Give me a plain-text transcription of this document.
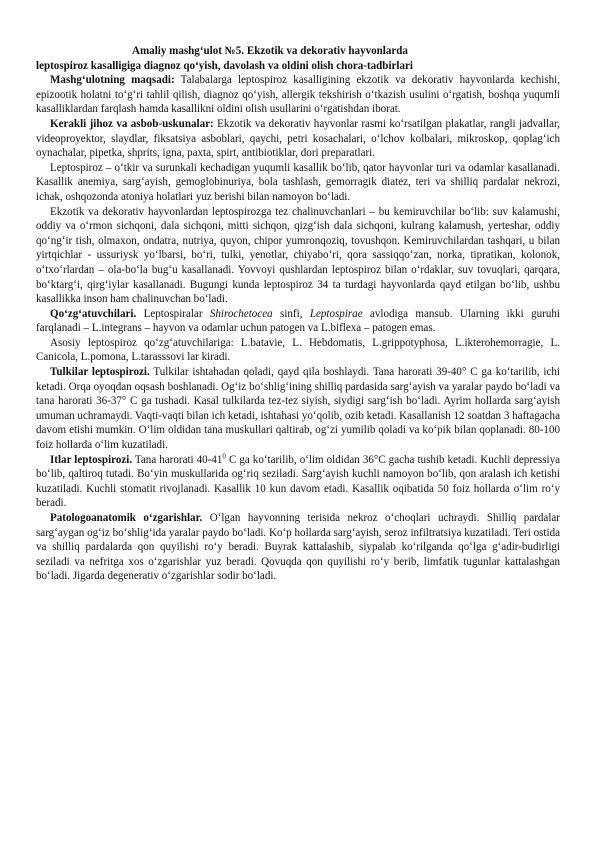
Amaliy mashg‘ulot №5. Ekzotik va dekorativ hayvonlarda
leptospiroz kasalligiga diagnoz qo‘yish, davolash va oldini olish chora-tadbirlari

Mashg‘ulotning maqsadi: Talabalarga leptospiroz kasalligining ekzotik va dekorativ hayvonlarda kechishi, epizootik holatni to‘g‘ri tahlil qilish, diagnoz qo‘yish, allergik tekshirish o‘tkazish usulini o‘rgatish, boshqa yuqumli kasalliklardan farqlash hamda kasallikni oldini olish usullarini o‘rgatishdan iborat.

Kerakli jihoz va asbob-uskunalar: Ekzotik va dekorativ hayvonlar rasmi ko‘rsatilgan plakatlar, rangli jadvallar, videoproyektor, slaydlar, fiksatsiya asboblari, qaychi, petri kosachalari, o‘lchov kolbalari, mikroskop, qoplag‘ich oynachalar, pipetka, shprits, igna, paxta, spirt, antibiotiklar, dori preparatlari.

Leptospiroz – o‘tkir va surunkali kechadigan yuqumli kasallik bo‘lib, qator hayvonlar turi va odamlar kasallanadi. Kasallik anemiya, sarg‘ayish, gemoglobinuriya, bola tashlash, gemorragik diatez, teri va shilliq pardalar nekrozi, ichak, oshqozonda atoniya holatlari yuz berishi bilan namoyon bo‘ladi.

Ekzotik va dekorativ hayvonlardan leptospirozga tez chalinuvchanlari – bu kemiruvchilar bo‘lib: suv kalamushi, oddiy va o‘rmon sichqoni, dala sichqoni, mitti sichqon, qizg‘ish dala sichqoni, kulrang kalamush, yerteshar, oddiy qo‘ng‘ir tish, olmaxon, ondatra, nutriya, quyon, chipor yumronqoziq, tovushqon. Kemiruvchilardan tashqari, u bilan yirtqichlar - ussuriysk yo‘lbarsi, bo‘ri, tulki, yenotlar, chiyabo‘ri, qora sassiqqo‘zan, norka, tipratikan, kolonok, o‘txo‘rlardan – ola-bo‘la bug‘u kasallanadi. Yovvoyi qushlardan leptospiroz bilan o‘rdaklar, suv tovuqlari, qarqara, bo‘ktarg‘i, qirg‘iylar kasallanadi. Bugungi kunda leptospiroz 34 ta turdagi hayvonlarda qayd etilgan bo‘lib, ushbu kasallikka inson ham chalinuvchan bo‘ladi.

Qo‘zg‘atuvchilari. Leptospiralar Shirochetocea sinfi, Leptospirae avlodiga mansub. Ularning ikki guruhi farqlanadi – L.integrans – hayvon va odamlar uchun patogen va L.biflexa – patogen emas.

Asosiy leptospiroz qo‘zg‘atuvchilariga: L.batavie, L. Hebdomatis, L.grippotyphosa, L.ikterohemorragie, L. Canicola, L.pomona, L.tarasssovi lar kiradi.

Tulkilar leptospirozi. Tulkilar ishtahadan qoladi, qayd qila boshlaydi. Tana harorati 39-40° C ga ko‘tarilib, ichi ketadi. Orqa oyoqdan oqsash boshlanadi. Og‘iz bo‘shlig‘ining shilliq pardasida sarg‘ayish va yaralar paydo bo‘ladi va tana harorati 36-37° C ga tushadi. Kasal tulkilarda tez-tez siyish, siydigi sarg‘ish bo‘ladi. Ayrim hollarda sarg‘ayish umuman uchramaydi. Vaqti-vaqti bilan ich ketadi, ishtahasi yo‘qolib, ozib ketadi. Kasallanish 12 soatdan 3 haftagacha davom etishi mumkin. O‘lim oldidan tana muskullari qaltirab, og‘zi yumilib qoladi va ko‘pik bilan qoplanadi. 80-100 foiz hollarda o‘lim kuzatiladi.

Itlar leptospirozi. Tana harorati $40-41^0$ C ga ko‘tarilib, o‘lim oldidan 36°C gacha tushib ketadi. Kuchli depressiya bo‘lib, qaltiroq tutadi. Bo‘yin muskullarida og‘riq seziladi. Sarg‘ayish kuchli namoyon bo‘lib, qon aralash ich ketishi kuzatiladi. Kuchli stomatit rivojlanadi. Kasallik 10 kun davom etadi. Kasallik oqibatida 50 foiz hollarda o‘lim ro‘y beradi.

Patologoanatomik o‘zgarishlar. O‘lgan hayvonning terisida nekroz o‘choqlari uchraydi. Shilliq pardalar sarg‘aygan og‘iz bo‘shlig‘ida yaralar paydo bo‘ladi. Ko‘p hollarda sarg‘ayish, seroz infiltratsiya kuzatiladi. Teri ostida va shilliq pardalarda qon quyilishi ro‘y beradi. Buyrak kattalashib, siypalab ko‘rilganda qo‘lga g‘adir-budirligi seziladi va nefritga xos o‘zgarishlar yuz beradi. Qovuqda qon quyilishi ro‘y berib, limfatik tugunlar kattalashgan bo‘ladi. Jigarda degenerativ o‘zgarishlar sodir bo‘ladi.
